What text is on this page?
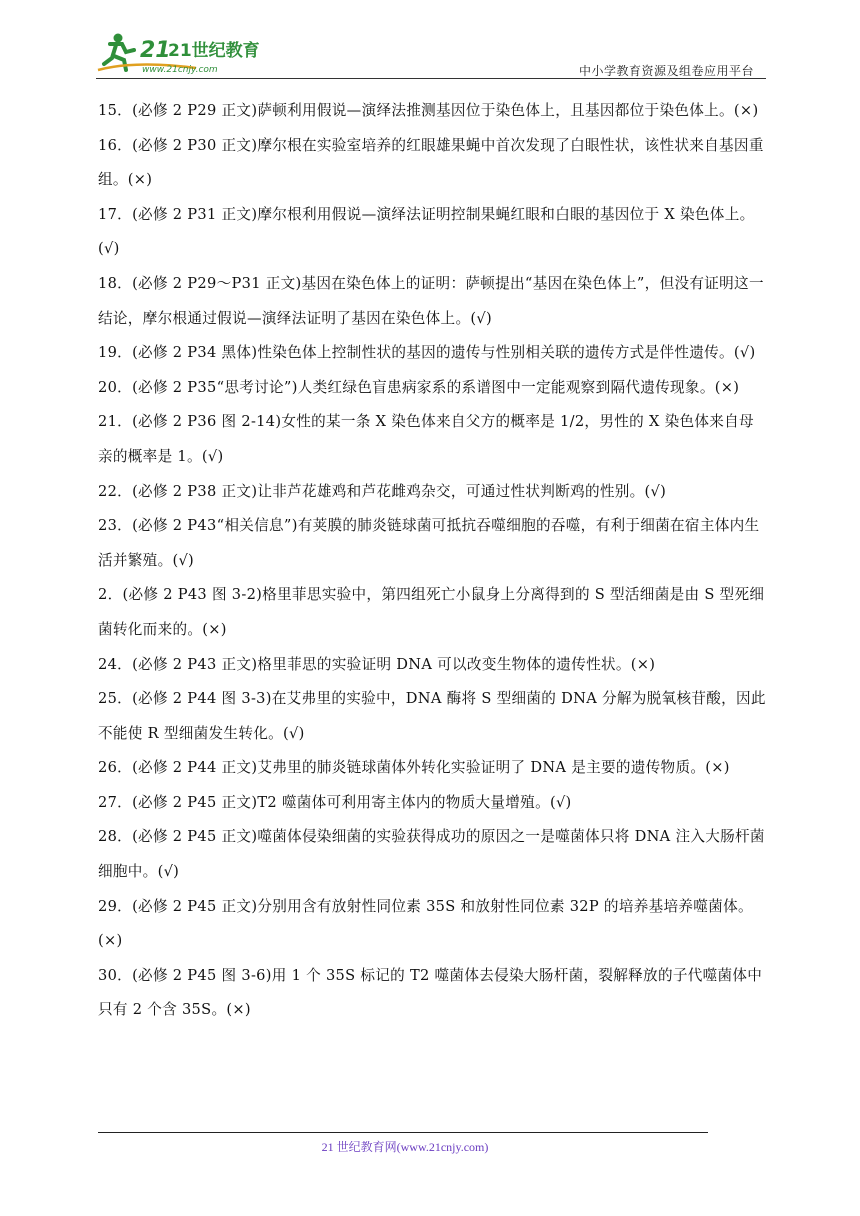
21
21世纪教育
www.21cnjy.com	中小学教育资源及组卷应用平台

15．(必修 2 P29 正文)萨顿利用假说—演绎法推测基因位于染色体上，且基因都位于染色体上。(×)

16．(必修 2 P30 正文)摩尔根在实验室培养的红眼雄果蝇中首次发现了白眼性状，该性状来自基因重组。(×)

17．(必修 2 P31 正文)摩尔根利用假说—演绎法证明控制果蝇红眼和白眼的基因位于 X 染色体上。(√)

18．(必修 2 P29～P31 正文)基因在染色体上的证明：萨顿提出“基因在染色体上”，但没有证明这一结论，摩尔根通过假说—演绎法证明了基因在染色体上。(√)

19．(必修 2 P34 黑体)性染色体上控制性状的基因的遗传与性别相关联的遗传方式是伴性遗传。(√)

20．(必修 2 P35“思考讨论”)人类红绿色盲患病家系的系谱图中一定能观察到隔代遗传现象。(×)

21．(必修 2 P36 图 2-14)女性的某一条 X 染色体来自父方的概率是 1/2，男性的 X 染色体来自母亲的概率是 1。(√)

22．(必修 2 P38 正文)让非芦花雄鸡和芦花雌鸡杂交，可通过性状判断鸡的性别。(√)

23．(必修 2 P43“相关信息”)有荚膜的肺炎链球菌可抵抗吞噬细胞的吞噬，有利于细菌在宿主体内生活并繁殖。(√)

2．(必修 2 P43 图 3-2)格里菲思实验中，第四组死亡小鼠身上分离得到的 S 型活细菌是由 S 型死细菌转化而来的。(×)

24．(必修 2 P43 正文)格里菲思的实验证明 DNA 可以改变生物体的遗传性状。(×)

25．(必修 2 P44 图 3-3)在艾弗里的实验中，DNA 酶将 S 型细菌的 DNA 分解为脱氧核苷酸，因此不能使 R 型细菌发生转化。(√)

26．(必修 2 P44 正文)艾弗里的肺炎链球菌体外转化实验证明了 DNA 是主要的遗传物质。(×)

27．(必修 2 P45 正文)T2 噬菌体可利用寄主体内的物质大量增殖。(√)

28．(必修 2 P45 正文)噬菌体侵染细菌的实验获得成功的原因之一是噬菌体只将 DNA 注入大肠杆菌细胞中。(√)

29．(必修 2 P45 正文)分别用含有放射性同位素 35S 和放射性同位素 32P 的培养基培养噬菌体。(×)

30．(必修 2 P45 图 3-6)用 1 个 35S 标记的 T2 噬菌体去侵染大肠杆菌，裂解释放的子代噬菌体中只有 2 个含 35S。(×)

21 世纪教育网(www.21cnjy.com)
